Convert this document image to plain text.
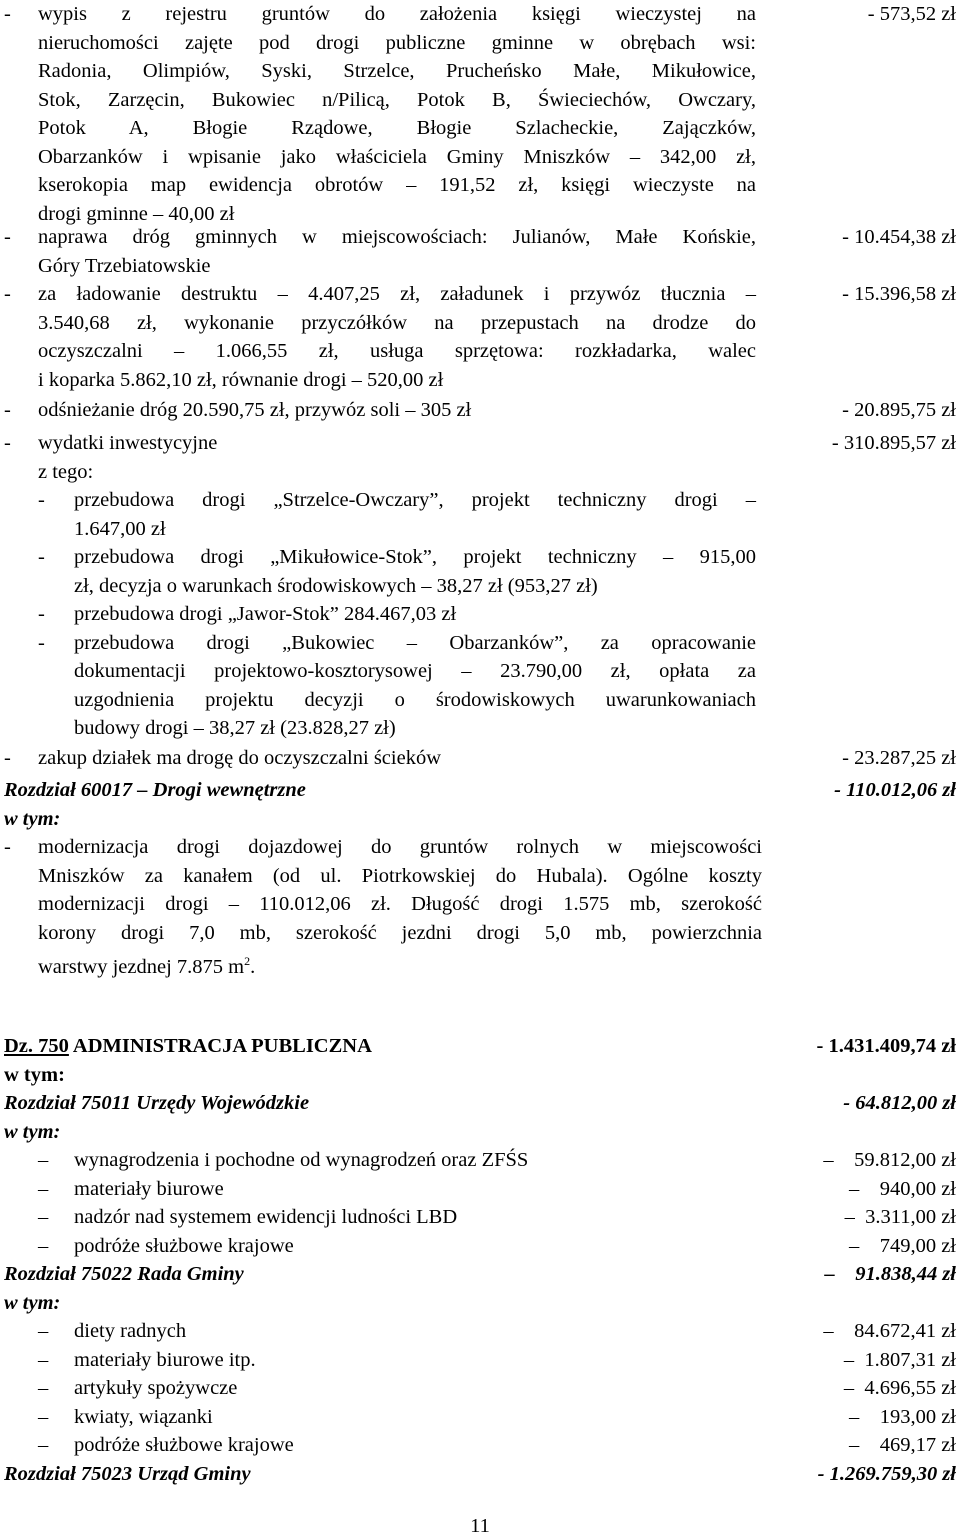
- wypis z rejestru gruntów do założenia księgi wieczystej na	- 573,52 zł
nieruchomości zajęte pod drogi publiczne gminne w obrębach wsi:
Radonia, Olimpiów, Syski, Strzelce, Prucheńsko Małe, Mikułowice,
Stok, Zarzęcin, Bukowiec n/Pilicą, Potok B, Świeciechów, Owczary,
Potok A, Błogie Rządowe, Błogie Szlacheckie, Zajączków,
Obarzanków i wpisanie jako właściciela Gminy Mniszków – 342,00 zł,
kserokopia map ewidencja obrotów – 191,52 zł, księgi wieczyste na
drogi gminne – 40,00 zł
- naprawa dróg gminnych w miejscowościach: Julianów, Małe Końskie,	- 10.454,38 zł
Góry Trzebiatowskie
- za ładowanie destruktu – 4.407,25 zł, załadunek i przywóz tłucznia –	- 15.396,58 zł
3.540,68 zł, wykonanie przyczółków na przepustach na drodze do
oczyszczalni – 1.066,55 zł, usługa sprzętowa: rozkładarka, walec
i koparka 5.862,10 zł, równanie drogi – 520,00 zł
- odśnieżanie dróg 20.590,75 zł, przywóz soli – 305 zł	- 20.895,75 zł
- wydatki inwestycyjne	- 310.895,57 zł
z tego:
- przebudowa drogi „Strzelce-Owczary”, projekt techniczny drogi –
1.647,00 zł
- przebudowa drogi „Mikułowice-Stok”, projekt techniczny – 915,00
zł, decyzja o warunkach środowiskowych – 38,27 zł (953,27 zł)
- przebudowa drogi „Jawor-Stok” 284.467,03 zł
- przebudowa drogi „Bukowiec – Obarzanków”, za opracowanie
dokumentacji projektowo-kosztorysowej – 23.790,00 zł, opłata za
uzgodnienia projektu decyzji o środowiskowych uwarunkowaniach
budowy drogi – 38,27 zł (23.828,27 zł)
- zakup działek ma drogę do oczyszczalni ścieków	- 23.287,25 zł
Rozdział 60017 – Drogi wewnętrzne	- 110.012,06 zł
w tym:
- modernizacja drogi dojazdowej do gruntów rolnych w miejscowości
Mniszków za kanałem (od ul. Piotrkowskiej do Hubala). Ogólne koszty
modernizacji drogi – 110.012,06 zł. Długość drogi 1.575 mb, szerokość
korony drogi 7,0 mb, szerokość jezdni drogi 5,0 mb, powierzchnia
warstwy jezdnej 7.875 $m^2$.
Dz. 750 ADMINISTRACJA PUBLICZNA	- 1.431.409,74 zł
w tym:
Rozdział 75011 Urzędy Wojewódzkie	- 64.812,00 zł
w tym:
– wynagrodzenia i pochodne od wynagrodzeń oraz ZFŚS	–    59.812,00 zł
– materiały biurowe	–    940,00 zł
– nadzór nad systemem ewidencji ludności LBD	–  3.311,00 zł
– podróże służbowe krajowe	–    749,00 zł
Rozdział 75022 Rada Gminy	–    91.838,44 zł
w tym:
– diety radnych	–    84.672,41 zł
– materiały biurowe itp.	–  1.807,31 zł
– artykuły spożywcze	–  4.696,55 zł
– kwiaty, wiązanki	–    193,00 zł
– podróże służbowe krajowe	–    469,17 zł
Rozdział 75023 Urząd Gminy	- 1.269.759,30 zł
11
